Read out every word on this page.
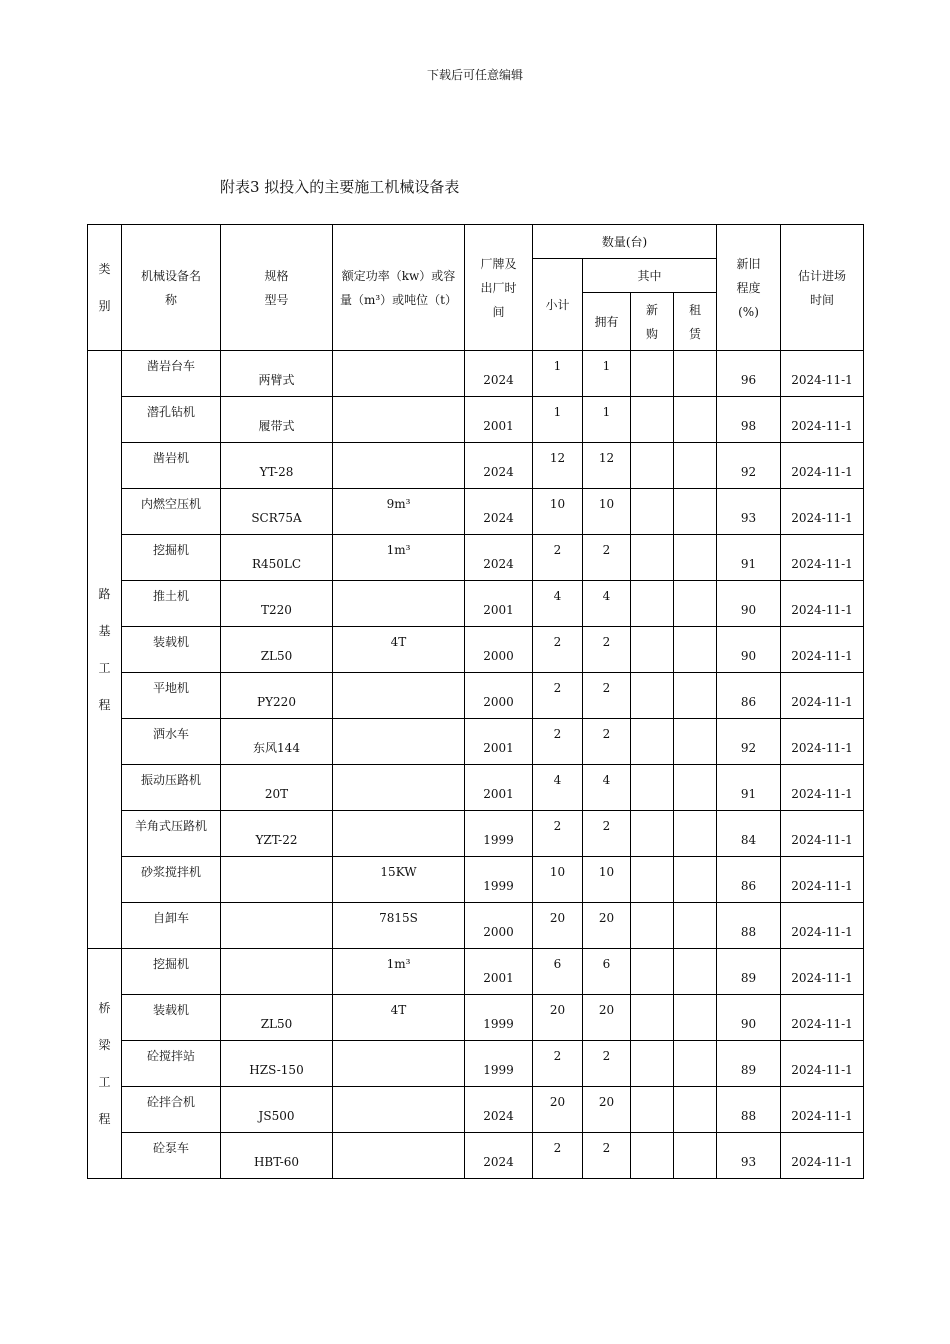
下载后可任意编辑
附表3 拟投入的主要施工机械设备表
类别	机械设备名称	规格型号	额定功率（kw）或容量（m³）或吨位（t）	厂牌及出厂时间	数量(台)				新旧程度(%)	估计进场时间

					小计	其中				
						拥有	新购	租赁		

路基工程	凿岩台车	两臂式		2024	1	1			96	2024-11-1
	潜孔钻机	履带式		2001	1	1			98	2024-11-1
	凿岩机	YT-28		2024	12	12			92	2024-11-1
	内燃空压机	SCR75A	9m³	2024	10	10			93	2024-11-1
	挖掘机	R450LC	1m³	2024	2	2			91	2024-11-1
	推土机	T220		2001	4	4			90	2024-11-1
	装载机	ZL50	4T	2000	2	2			90	2024-11-1
	平地机	PY220		2000	2	2			86	2024-11-1
	洒水车	东风144		2001	2	2			92	2024-11-1
	振动压路机	20T		2001	4	4			91	2024-11-1
	羊角式压路机	YZT-22		1999	2	2			84	2024-11-1
	砂浆搅拌机		15KW	1999	10	10			86	2024-11-1
	自卸车		7815S	2000	20	20			88	2024-11-1
桥梁工程	挖掘机		1m³	2001	6	6			89	2024-11-1
	装载机	ZL50	4T	1999	20	20			90	2024-11-1
	砼搅拌站	HZS-150		1999	2	2			89	2024-11-1
	砼拌合机	JS500		2024	20	20			88	2024-11-1
	砼泵车	HBT-60		2024	2	2			93	2024-11-1
